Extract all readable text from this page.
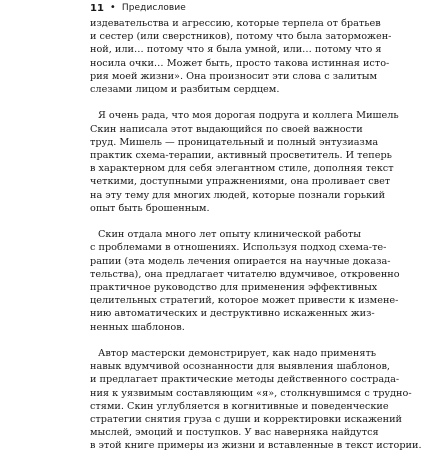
11 • Предисловие
издевательства и агрессию, которые терпела от братьев
и сестер (или сверстников), потому что была заторможен-
ной, или… потому что я была умной, или… потому что я
носила очки… Может быть, просто такова истинная исто-
рия моей жизни». Она произносит эти слова с залитым
слезами лицом и разбитым сердцем.
Я очень рада, что моя дорогая подруга и коллега Мишель
Скин написала этот выдающийся по своей важности
труд. Мишель — проницательный и полный энтузиазма
практик схема-терапии, активный просветитель. И теперь
в характерном для себя элегантном стиле, дополняя текст
четкими, доступными упражнениями, она проливает свет
на эту тему для многих людей, которые познали горький
опыт быть брошенным.
Скин отдала много лет опыту клинической работы
с проблемами в отношениях. Используя подход схема-те-
рапии (эта модель лечения опирается на научные доказа-
тельства), она предлагает читателю вдумчивое, откровенно
практичное руководство для применения эффективных
целительных стратегий, которое может привести к измене-
нию автоматических и деструктивно искаженных жиз-
ненных шаблонов.
Автор мастерски демонстрирует, как надо применять
навык вдумчивой осознанности для выявления шаблонов,
и предлагает практические методы действенного сострада-
ния к уязвимым составляющим «я», столкнувшимся с трудно-
стями. Скин углубляется в когнитивные и поведенческие
стратегии снятия груза с души и корректировки искажений
мыслей, эмоций и поступков. У вас наверняка найдутся
в этой книге примеры из жизни и вставленные в текст истории.
